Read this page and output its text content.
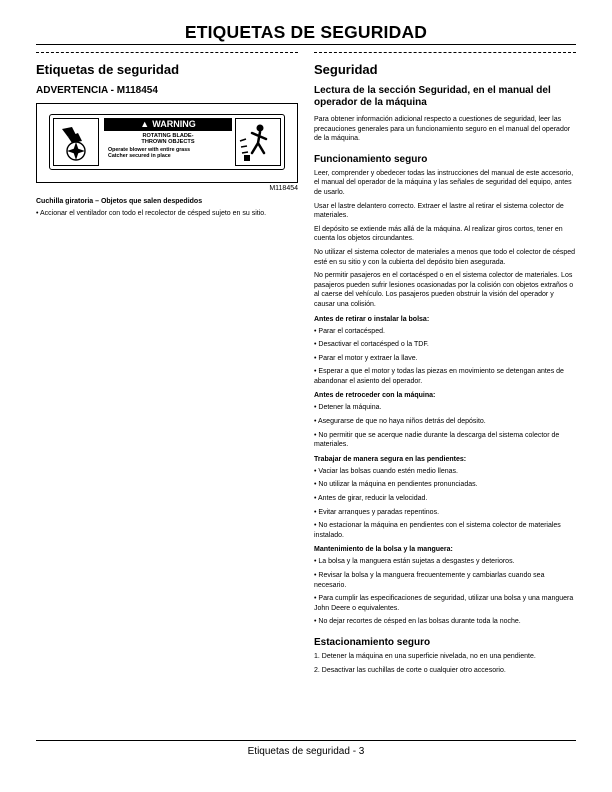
ETIQUETAS DE SEGURIDAD
Etiquetas de seguridad
ADVERTENCIA - M118454
▲ WARNING
ROTATING BLADE-
THROWN OBJECTS
Operate blower with entire grass
Catcher secured in place
M118454
Cuchilla giratoria – Objetos que salen despedidos

• Accionar el ventilador con todo el recolector de césped sujeto en su sitio.

Seguridad
Lectura de la sección Seguridad, en el manual del operador de la máquina

Para obtener información adicional respecto a cuestiones de seguridad, leer las precauciones generales para un funcionamiento seguro en el manual del operador de la máquina.

Funcionamiento seguro

Leer, comprender y obedecer todas las instrucciones del manual de este accesorio, el manual del operador de la máquina y las señales de seguridad del equipo, antes de usarlo.

Usar el lastre delantero correcto. Extraer el lastre al retirar el sistema colector de materiales.

El depósito se extiende más allá de la máquina. Al realizar giros cortos, tener en cuenta los objetos circundantes.

No utilizar el sistema colector de materiales a menos que todo el colector de césped esté en su sitio y con la cubierta del depósito bien asegurada.

No permitir pasajeros en el cortacésped o en el sistema colector de materiales. Los pasajeros pueden sufrir lesiones ocasionadas por la colisión con objetos extraños o al caerse del vehículo. Los pasajeros pueden obstruir la visión del operador y causar una colisión.

Antes de retirar o instalar la bolsa:

• Parar el cortacésped.

• Desactivar el cortacésped o la TDF.

• Parar el motor y extraer la llave.

• Esperar a que el motor y todas las piezas en movimiento se detengan antes de abandonar el asiento del operador.

Antes de retroceder con la máquina:

• Detener la máquina.

• Asegurarse de que no haya niños detrás del depósito.

• No permitir que se acerque nadie durante la descarga del sistema colector de materiales.

Trabajar de manera segura en las pendientes:

• Vaciar las bolsas cuando estén medio llenas.

• No utilizar la máquina en pendientes pronunciadas.

• Antes de girar, reducir la velocidad.

• Evitar arranques y paradas repentinos.

• No estacionar la máquina en pendientes con el sistema colector de materiales instalado.

Mantenimiento de la bolsa y la manguera:

• La bolsa y la manguera están sujetas a desgastes y deterioros.

• Revisar la bolsa y la manguera frecuentemente y cambiarlas cuando sea necesario.

• Para cumplir las especificaciones de seguridad, utilizar una bolsa y una manguera John Deere o equivalentes.

• No dejar recortes de césped en las bolsas durante toda la noche.

Estacionamiento seguro

1. Detener la máquina en una superficie nivelada, no en una pendiente.

2. Desactivar las cuchillas de corte o cualquier otro accesorio.

Etiquetas de seguridad - 3
